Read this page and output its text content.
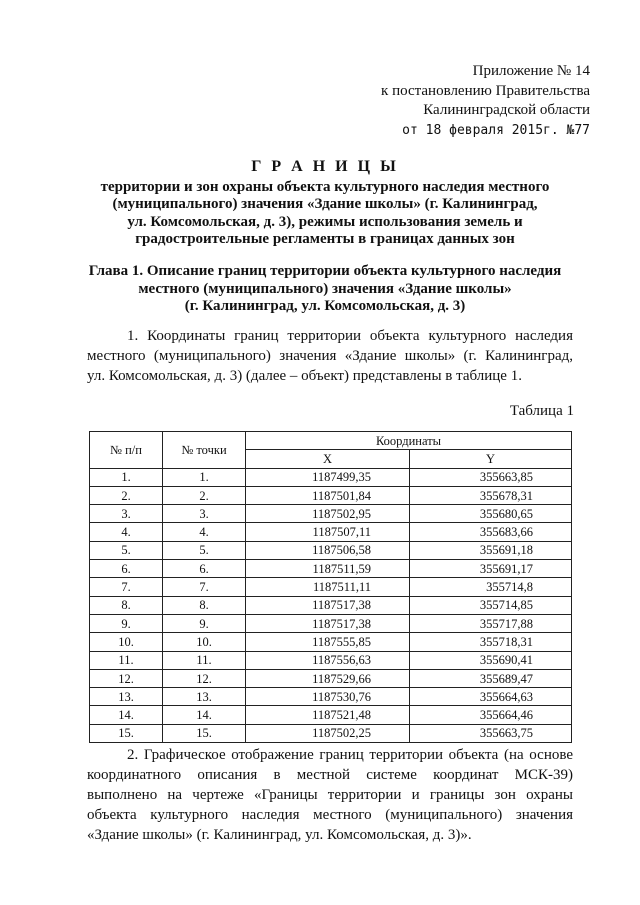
Приложение № 14
к постановлению Правительства
Калининградской области
от 18 февраля 2015г. №77
Г Р А Н И Ц Ы
территории и зон охраны объекта культурного наследия местного
(муниципального) значения «Здание школы» (г. Калининград,
ул. Комсомольская, д. 3), режимы использования земель и
градостроительные регламенты в границах данных зон
Глава 1. Описание границ территории объекта культурного наследия
местного (муниципального) значения «Здание школы»
(г. Калининград, ул. Комсомольская, д. 3)
1. Координаты границ территории объекта культурного наследия
местного (муниципального) значения «Здание школы» (г. Калининград,
ул. Комсомольская, д. 3) (далее – объект) представлены в таблице 1.
Таблица 1
№ п/п	№ точки	Координаты	
		X	Y
1.	1.	1187499,35	355663,85
2.	2.	1187501,84	355678,31
3.	3.	1187502,95	355680,65
4.	4.	1187507,11	355683,66
5.	5.	1187506,58	355691,18
6.	6.	1187511,59	355691,17
7.	7.	1187511,11	355714,8
8.	8.	1187517,38	355714,85
9.	9.	1187517,38	355717,88
10.	10.	1187555,85	355718,31
11.	11.	1187556,63	355690,41
12.	12.	1187529,66	355689,47
13.	13.	1187530,76	355664,63
14.	14.	1187521,48	355664,46
15.	15.	1187502,25	355663,75
2. Графическое отображение границ территории объекта (на основе
координатного описания в местной системе координат МСК-39)
выполнено на чертеже «Границы территории и границы зон охраны
объекта культурного наследия местного (муниципального) значения
«Здание школы» (г. Калининград, ул. Комсомольская, д. 3)».
